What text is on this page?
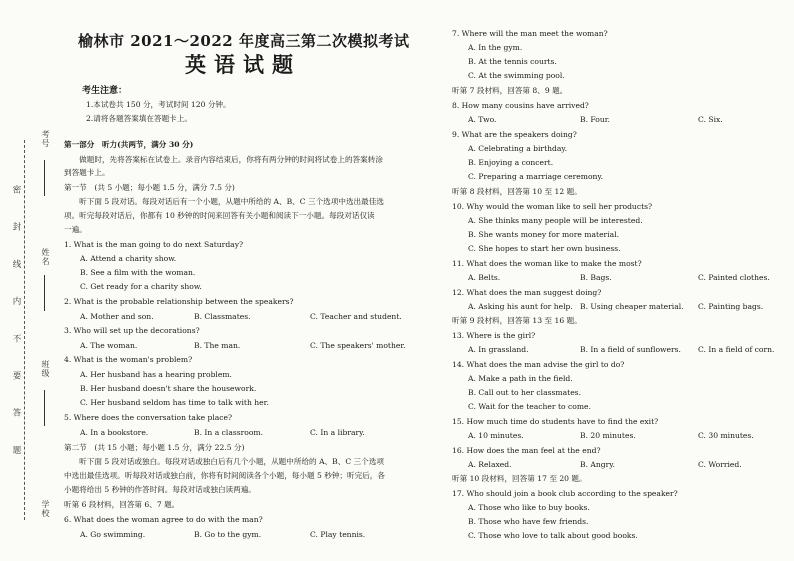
考号
姓名
班级
学校
密 封 线 内 不 要 答 题
榆林市 2021～2022 年度高三第二次模拟考试
英语试题
考生注意：
1.本试卷共 150 分，考试时间 120 分钟。
2.请将各题答案填在答题卡上。
第一部分　听力(共两节，满分 30 分)
　　做题时，先将答案标在试卷上。录音内容结束后，你将有两分钟的时间将试卷上的答案转涂
到答题卡上。
第一节　(共 5 小题；每小题 1.5 分，满分 7.5 分)
　　听下面 5 段对话。每段对话后有一个小题，从题中所给的 A、B、C 三个选项中选出最佳选
项。听完每段对话后，你都有 10 秒钟的时间来回答有关小题和阅读下一小题。每段对话仅读
一遍。
1. What is the man going to do next Saturday?
A. Attend a charity show.
B. See a film with the woman.
C. Get ready for a charity show.
2. What is the probable relationship between the speakers?
A. Mother and son.	B. Classmates.	C. Teacher and student.
3. Who will set up the decorations?
A. The woman.	B. The man.	C. The speakers' mother.
4. What is the woman's problem?
A. Her husband has a hearing problem.
B. Her husband doesn't share the housework.
C. Her husband seldom has time to talk with her.
5. Where does the conversation take place?
A. In a bookstore.	B. In a classroom.	C. In a library.
第二节　(共 15 小题；每小题 1.5 分，满分 22.5 分)
　　听下面 5 段对话或独白。每段对话或独白后有几个小题，从题中所给的 A、B、C 三个选项
中选出最佳选项。听每段对话或独白前，你将有时间阅读各个小题，每小题 5 秒钟；听完后，各
小题将给出 5 秒钟的作答时间。每段对话或独白读两遍。
听第 6 段材料，回答第 6、7 题。
6. What does the woman agree to do with the man?
A. Go swimming.	B. Go to the gym.	C. Play tennis.
7. Where will the man meet the woman?
A. In the gym.
B. At the tennis courts.
C. At the swimming pool.
听第 7 段材料，回答第 8、9 题。
8. How many cousins have arrived?
A. Two.	B. Four.	C. Six.
9. What are the speakers doing?
A. Celebrating a birthday.
B. Enjoying a concert.
C. Preparing a marriage ceremony.
听第 8 段材料，回答第 10 至 12 题。
10. Why would the woman like to sell her products?
A. She thinks many people will be interested.
B. She wants money for more material.
C. She hopes to start her own business.
11. What does the woman like to make the most?
A. Belts.	B. Bags.	C. Painted clothes.
12. What does the man suggest doing?
A. Asking his aunt for help. B. Using cheaper material. C. Painting bags.
听第 9 段材料，回答第 13 至 16 题。
13. Where is the girl?
A. In grassland.	B. In a field of sunflowers. C. In a field of corn.
14. What does the man advise the girl to do?
A. Make a path in the field.
B. Call out to her classmates.
C. Wait for the teacher to come.
15. How much time do students have to find the exit?
A. 10 minutes.	B. 20 minutes.	C. 30 minutes.
16. How does the man feel at the end?
A. Relaxed.	B. Angry.	C. Worried.
听第 10 段材料，回答第 17 至 20 题。
17. Who should join a book club according to the speaker?
A. Those who like to buy books.
B. Those who have few friends.
C. Those who love to talk about good books.
